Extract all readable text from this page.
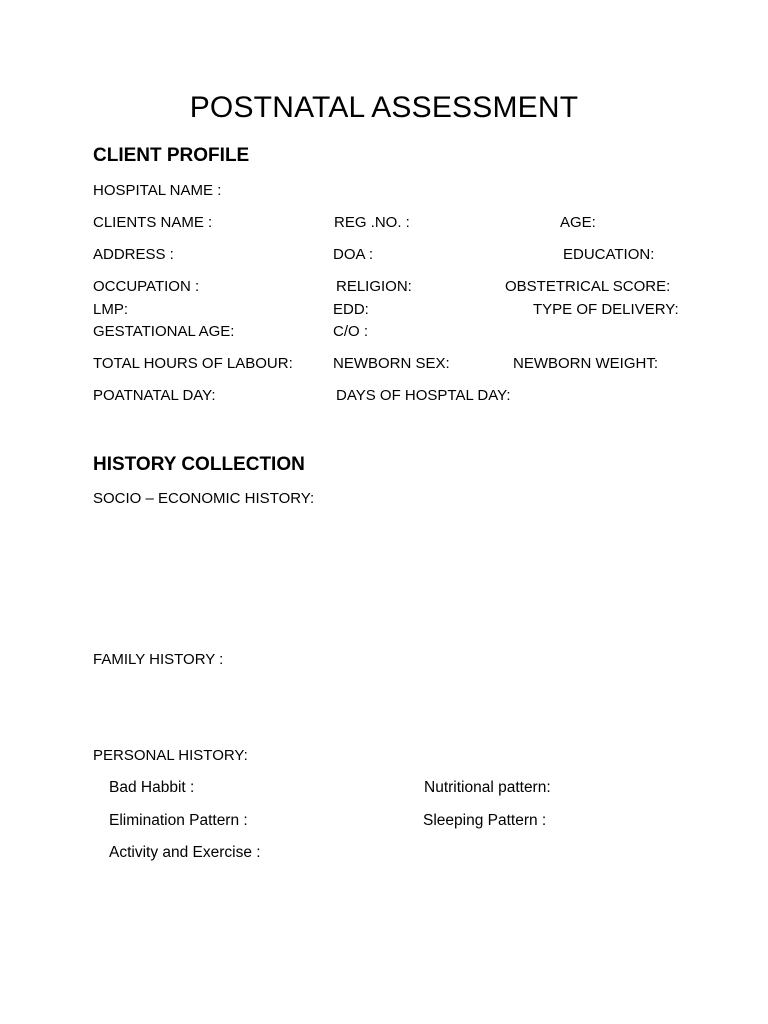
POSTNATAL ASSESSMENT
CLIENT PROFILE
HOSPITAL NAME :
CLIENTS NAME :	REG .NO. :	AGE:
ADDRESS :	DOA :	EDUCATION:
OCCUPATION :	RELIGION:	OBSTETRICAL SCORE:
LMP:	EDD:	TYPE OF DELIVERY:
GESTATIONAL AGE:	C/O :
TOTAL HOURS OF LABOUR:	NEWBORN SEX:	NEWBORN WEIGHT:
POATNATAL DAY:	DAYS OF HOSPTAL DAY:
HISTORY COLLECTION
SOCIO – ECONOMIC HISTORY:
FAMILY HISTORY :
PERSONAL HISTORY:
Bad Habbit :	Nutritional pattern:
Elimination Pattern :	Sleeping Pattern :
Activity and Exercise :
